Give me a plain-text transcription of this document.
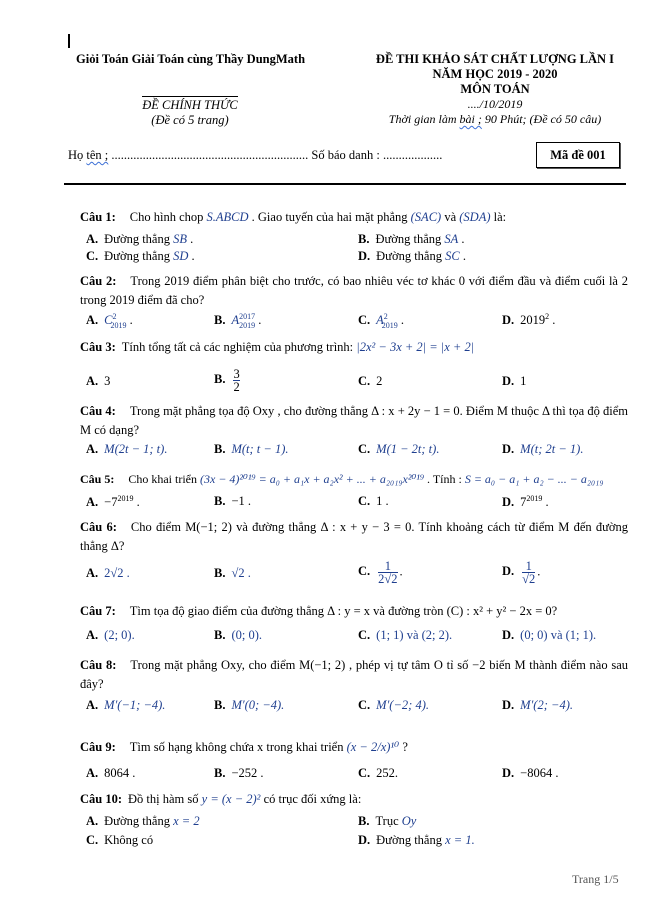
Giỏi Toán Giải Toán cùng Thầy DungMath	ĐỀ THI KHẢO SÁT CHẤT LƯỢNG LẦN I
NĂM HỌC 2019 - 2020
MÔN TOÁN
..../10/2019
Thời gian làm bài ; 90 Phút; (Đề có 50 câu)
ĐỀ CHÍNH THỨC
(Đề có 5 trang)
Họ tên ; ............................................................... Số báo danh : ...................	Mã đề 001
Câu 1: Cho hình chop S.ABCD . Giao tuyến của hai mặt phẳng (SAC) và (SDA) là:
A. Đường thẳng SB .	B. Đường thẳng SA .
C. Đường thẳng SD .	D. Đường thẳng SC .
Câu 2: Trong 2019 điểm phân biệt cho trước, có bao nhiêu véc tơ khác 0 với điểm đầu và điểm cuối là 2 trong 2019 điểm đã cho?
A. $C^2_{2019}$ .	B. $A^{2017}_{2019}$ .	C. $A^2_{2019}$ .	D. 2019$^2$ .
Câu 3: Tính tổng tất cả các nghiệm của phương trình: |2x² − 3x + 2| = |x + 2|
A. 3	B. $\frac{3}{2}$	C. 2	D. 1
Câu 4: Trong mặt phẳng tọa độ Oxy , cho đường thẳng Δ : x + 2y − 1 = 0. Điểm M thuộc Δ thì tọa độ điểm M có dạng?
A. M(2t − 1; t).	B. M(t; t − 1).	C. M(1 − 2t; t).	D. M(t; 2t − 1).
Câu 5: Cho khai triển (3x − 4)²⁰¹⁹ = a₀ + a₁x + a₂x² + ... + a₂₀₁₉x²⁰¹⁹ . Tính : S = a₀ − a₁ + a₂ − ... − a₂₀₁₉
A. $-7^{2019}$ .	B. −1 .	C. 1 .	D. $7^{2019}$ .
Câu 6: Cho điểm M(−1; 2) và đường thẳng Δ : x + y − 3 = 0. Tính khoảng cách từ điểm M đến đường thẳng Δ?
A. 2√2 .	B. √2 .	C. $\frac{1}{2√2}$ .	D. $\frac{1}{√2}$ .
Câu 7: Tìm tọa độ giao điểm của đường thẳng Δ : y = x và đường tròn (C) : x² + y² − 2x = 0?
A. (2; 0).	B. (0; 0).	C. (1; 1) và (2; 2).	D. (0; 0) và (1; 1).
Câu 8: Trong mặt phẳng Oxy, cho điểm M(−1; 2) , phép vị tự tâm O tỉ số −2 biến M thành điểm nào sau đây?
A. M′(−1; −4).	B. M′(0; −4).	C. M′(−2; 4).	D. M′(2; −4).
Câu 9: Tìm số hạng không chứa x trong khai triển (x − 2/x)¹⁰ ?
A. 8064 .	B. −252 .	C. 252.	D. −8064 .
Câu 10: Đồ thị hàm số y = (x − 2)² có trục đối xứng là:
A. Đường thẳng x = 2	B. Trục Oy
C. Không có	D. Đường thẳng x = 1.
Trang 1/5
